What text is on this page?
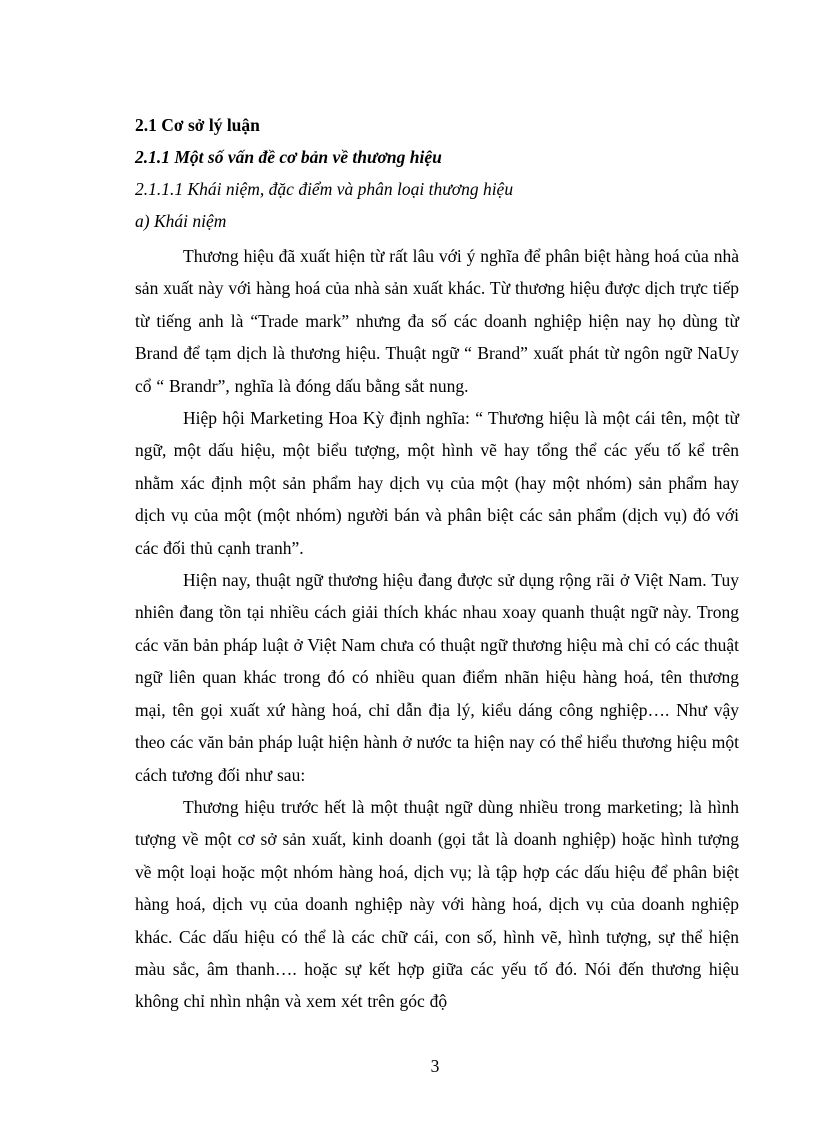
2.1 Cơ sở lý luận
2.1.1 Một số vấn đề cơ bản về thương hiệu
2.1.1.1 Khái niệm, đặc điểm và phân loại thương hiệu
a) Khái niệm

Thương hiệu đã xuất hiện từ rất lâu với ý nghĩa để phân biệt hàng hoá của nhà sản xuất này với hàng hoá của nhà sản xuất khác. Từ thương hiệu được dịch trực tiếp từ tiếng anh là “Trade mark” nhưng đa số các doanh nghiệp hiện nay họ dùng từ Brand để tạm dịch là thương hiệu. Thuật ngữ “ Brand” xuất phát từ ngôn ngữ NaUy cổ “ Brandr”, nghĩa là đóng dấu bằng sắt nung.

Hiệp hội Marketing Hoa Kỳ định nghĩa: “ Thương hiệu là một cái tên, một từ ngữ, một dấu hiệu, một biểu tượng, một hình vẽ hay tổng thể các yếu tố kể trên nhằm xác định một sản phẩm hay dịch vụ của một (hay một nhóm) sản phẩm hay dịch vụ của một (một nhóm) người bán và phân biệt các sản phẩm (dịch vụ) đó với các đối thủ cạnh tranh”.

Hiện nay, thuật ngữ thương hiệu đang được sử dụng rộng rãi ở Việt Nam. Tuy nhiên đang tồn tại nhiều cách giải thích khác nhau xoay quanh thuật ngữ này. Trong các văn bản pháp luật ở Việt Nam chưa có thuật ngữ thương hiệu mà chỉ có các thuật ngữ liên quan khác trong đó có nhiều quan điểm nhãn hiệu hàng hoá, tên thương mại, tên gọi xuất xứ hàng hoá, chỉ dẫn địa lý, kiểu dáng công nghiệp…. Như vậy theo các văn bản pháp luật hiện hành ở nước ta hiện nay có thể hiểu thương hiệu một cách tương đối như sau:

Thương hiệu trước hết là một thuật ngữ dùng nhiều trong marketing; là hình tượng về một cơ sở sản xuất, kinh doanh (gọi tắt là doanh nghiệp) hoặc hình tượng về một loại hoặc một nhóm hàng hoá, dịch vụ; là tập hợp các dấu hiệu để phân biệt hàng hoá, dịch vụ của doanh nghiệp này với hàng hoá, dịch vụ của doanh nghiệp khác. Các dấu hiệu có thể là các chữ cái, con số, hình vẽ, hình tượng, sự thể hiện màu sắc, âm thanh…. hoặc sự kết hợp giữa các yếu tố đó. Nói đến thương hiệu không chỉ nhìn nhận và xem xét trên góc độ

3
